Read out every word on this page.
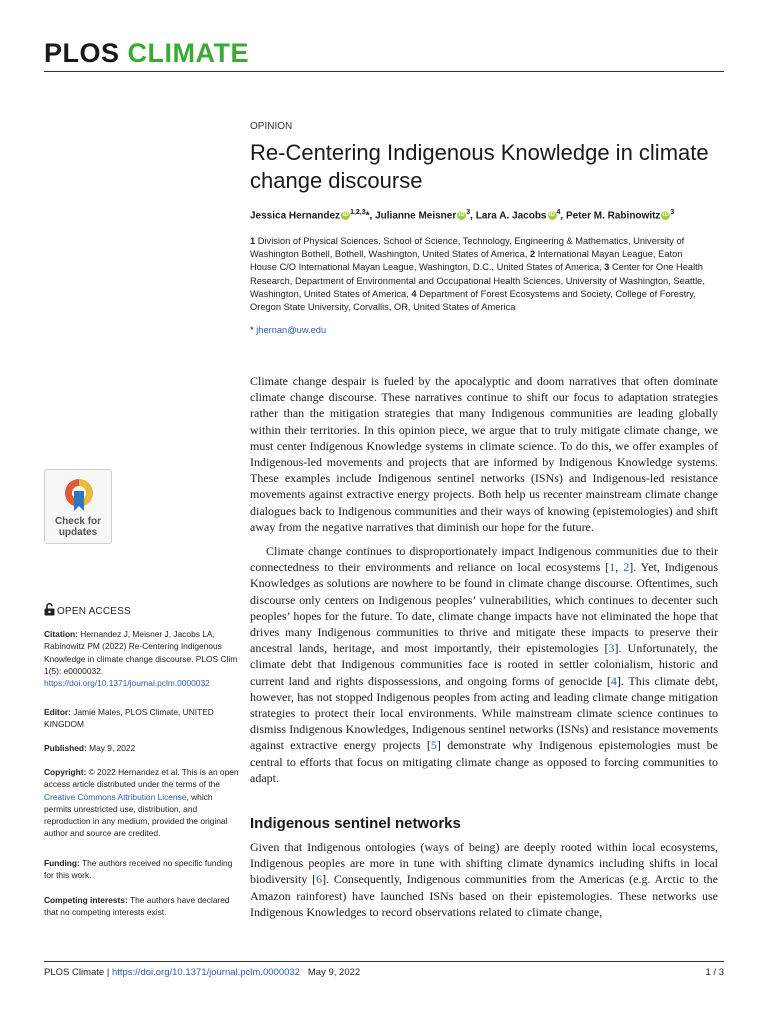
PLOS CLIMATE
OPINION
Re-Centering Indigenous Knowledge in climate change discourse
Jessica Hernandez iD $^{1,2,3}$*, Julianne Meisner iD $^3$, Lara A. Jacobs iD $^4$, Peter M. Rabinowitz iD $^3$
1 Division of Physical Sciences, School of Science, Technology, Engineering & Mathematics, University of Washington Bothell, Bothell, Washington, United States of America, 2 International Mayan League, Eaton House C/O International Mayan League, Washington, D.C., United States of America, 3 Center for One Health Research, Department of Environmental and Occupational Health Sciences, University of Washington, Seattle, Washington, United States of America, 4 Department of Forest Ecosystems and Society, College of Forestry, Oregon State University, Corvallis, OR, United States of America
* jhernan@uw.edu

Climate change despair is fueled by the apocalyptic and doom narratives that often dominate climate change discourse. These narratives continue to shift our focus to adaptation strategies rather than the mitigation strategies that many Indigenous communities are leading globally within their territories. In this opinion piece, we argue that to truly mitigate climate change, we must center Indigenous Knowledge systems in climate science. To do this, we offer examples of Indigenous-led movements and projects that are informed by Indigenous Knowledge systems. These examples include Indigenous sentinel networks (ISNs) and Indigenous-led resistance movements against extractive energy projects. Both help us recenter mainstream climate change dialogues back to Indigenous communities and their ways of knowing (epistemologies) and shift away from the negative narratives that diminish our hope for the future.

Climate change continues to disproportionately impact Indigenous communities due to their connectedness to their environments and reliance on local ecosystems [1, 2]. Yet, Indigenous Knowledges as solutions are nowhere to be found in climate change discourse. Oftentimes, such discourse only centers on Indigenous peoples’ vulnerabilities, which continues to decenter such peoples’ hopes for the future. To date, climate change impacts have not eliminated the hope that drives many Indigenous communities to thrive and mitigate these impacts to preserve their ancestral lands, heritage, and most importantly, their epistemologies [3]. Unfortunately, the climate debt that Indigenous communities face is rooted in settler colonialism, historic and current land and rights dispossessions, and ongoing forms of genocide [4]. This climate debt, however, has not stopped Indigenous peoples from acting and leading climate change mitigation strategies to protect their local environments. While mainstream climate science continues to dismiss Indigenous Knowledges, Indigenous sentinel networks (ISNs) and resistance movements against extractive energy projects [5] demonstrate why Indigenous epistemologies must be central to efforts that focus on mitigating climate change as opposed to forcing communities to adapt.

Indigenous sentinel networks

Given that Indigenous ontologies (ways of being) are deeply rooted within local ecosystems, Indigenous peoples are more in tune with shifting climate dynamics including shifts in local biodiversity [6]. Consequently, Indigenous communities from the Americas (e.g. Arctic to the Amazon rainforest) have launched ISNs based on their epistemologies. These networks use Indigenous Knowledges to record observations related to climate change,

Check for
updates
OPEN ACCESS
Citation: Hernandez J, Meisner J, Jacobs LA, Rabinowitz PM (2022) Re-Centering Indigenous Knowledge in climate change discourse. PLOS Clim 1(5): e0000032. https://doi.org/10.1371/journal.pclm.0000032
Editor: Jamie Males, PLOS Climate, UNITED KINGDOM
Published: May 9, 2022
Copyright: © 2022 Hernandez et al. This is an open access article distributed under the terms of the Creative Commons Attribution License, which permits unrestricted use, distribution, and reproduction in any medium, provided the original author and source are credited.
Funding: The authors received no specific funding for this work.
Competing interests: The authors have declared that no competing interests exist.
PLOS Climate | https://doi.org/10.1371/journal.pclm.0000032 May 9, 2022	1 / 3
